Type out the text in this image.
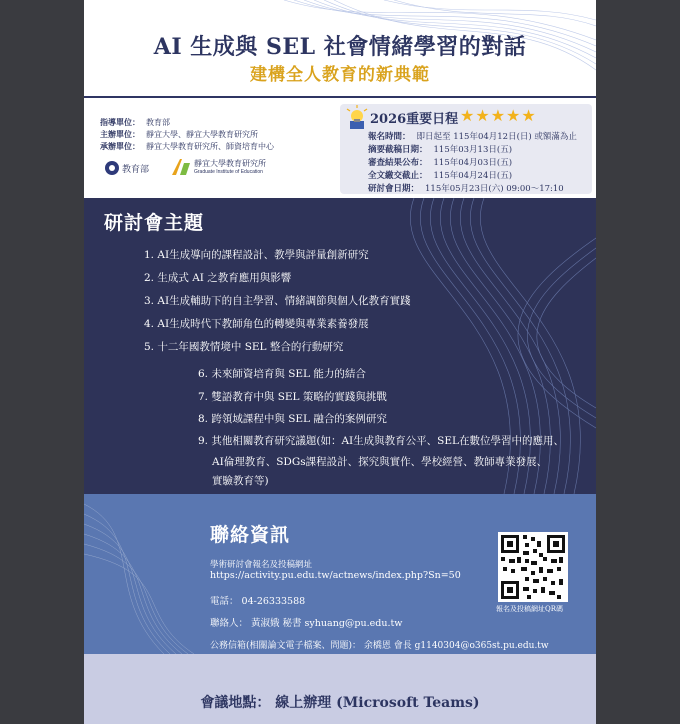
AI 生成與 SEL 社會情緒學習的對話
建構全人教育的新典範
指導單位： 教育部
主辦單位： 靜宜大學、靜宜大學教育研究所
承辦單位： 靜宜大學教育研究所、師資培育中心
教育部
靜宜大學教育研究所
Graduate Institute of Education
2026重要日程 ★★★★★
報名時間： 即日起至 115年04月12日(日) 或額滿為止
摘要截稿日期： 115年03月13日(五)
審查結果公布： 115年04月03日(五)
全文繳交截止： 115年04月24日(五)
研討會日期： 115年05月23日(六) 09:00～17:10
研討會主題
1. AI生成導向的課程設計、教學與評量創新研究
2. 生成式 AI 之教育應用與影響
3. AI生成輔助下的自主學習、情緒調節與個人化教育實踐
4. AI生成時代下教師角色的轉變與專業素養發展
5. 十二年國教情境中 SEL 整合的行動研究
6. 未來師資培育與 SEL 能力的結合
7. 雙語教育中與 SEL 策略的實踐與挑戰
8. 跨領域課程中與 SEL 融合的案例研究
9. 其他相關教育研究議題(如：AI生成與教育公平、SEL在數位學習中的應用、
AI倫理教育、SDGs課程設計、探究與實作、學校經營、教師專業發展、
實驗教育等)
聯絡資訊
學術研討會報名及投稿網址
https://activity.pu.edu.tw/actnews/index.php?Sn=50
電話： 04-26333588
聯絡人： 黃淑娥 秘書 syhuang@pu.edu.tw
公務信箱(相關論文電子檔案、問題)： 余橋恩 會長 g1140304@o365st.pu.edu.tw
報名及投稿網址QR碼
會議地點： 線上辦理 (Microsoft Teams)
